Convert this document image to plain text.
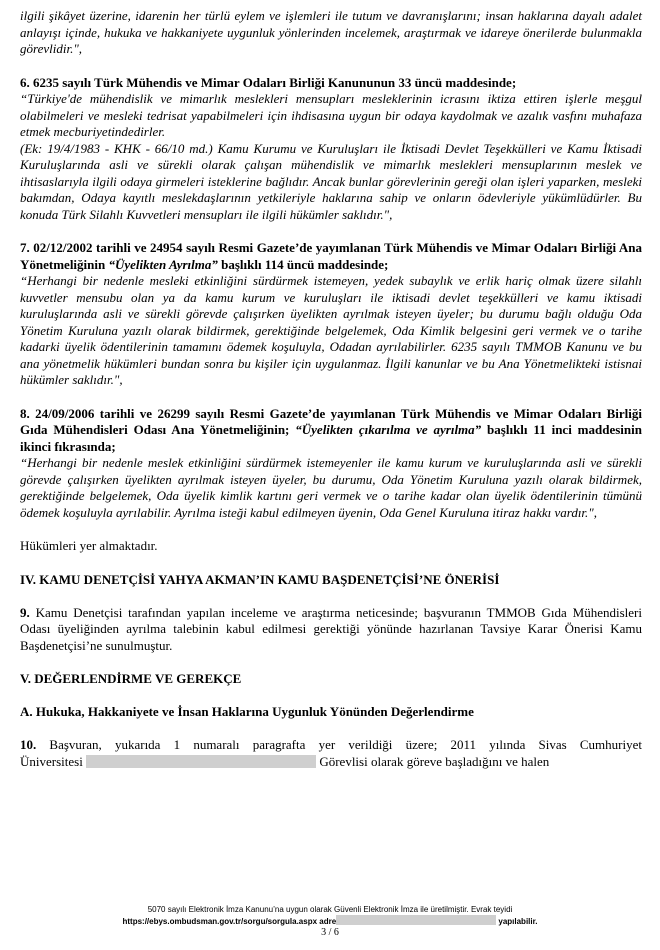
ilgili şikâyet üzerine, idarenin her türlü eylem ve işlemleri ile tutum ve davranışlarını; insan haklarına dayalı adalet anlayışı içinde, hukuka ve hakkaniyete uygunluk yönlerinden incelemek, araştırmak ve idareye önerilerde bulunmakla görevlidir.",

6. 6235 sayılı Türk Mühendis ve Mimar Odaları Birliği Kanununun 33 üncü maddesinde;

“Türkiye'de mühendislik ve mimarlık meslekleri mensupları mesleklerinin icrasını iktiza ettiren işlerle meşgul olabilmeleri ve mesleki tedrisat yapabilmeleri için ihdisasına uygun bir odaya kaydolmak ve azalık vasfını muhafaza etmek mecburiyetindedirler.

(Ek: 19/4/1983 - KHK - 66/10 md.) Kamu Kurumu ve Kuruluşları ile İktisadi Devlet Teşekkülleri ve Kamu İktisadi Kuruluşlarında asli ve sürekli olarak çalışan mühendislik ve mimarlık meslekleri mensuplarının meslek ve ihtisaslarıyla ilgili odaya girmeleri isteklerine bağlıdır. Ancak bunlar görevlerinin gereği olan işleri yaparken, mesleki bakımdan, Odaya kayıtlı meslekdaşlarının yetkileriyle haklarına sahip ve onların ödevleriyle yükümlüdürler. Bu konuda Türk Silahlı Kuvvetleri mensupları ile ilgili hükümler saklıdır.",

7. 02/12/2002 tarihli ve 24954 sayılı Resmi Gazete’de yayımlanan Türk Mühendis ve Mimar Odaları Birliği Ana Yönetmeliğinin “Üyelikten Ayrılma” başlıklı 114 üncü maddesinde;

“Herhangi bir nedenle mesleki etkinliğini sürdürmek istemeyen, yedek subaylık ve erlik hariç olmak üzere silahlı kuvvetler mensubu olan ya da kamu kurum ve kuruluşları ile iktisadi devlet teşekkülleri ve kamu iktisadi kuruluşlarında asli ve sürekli görevde çalışırken üyelikten ayrılmak isteyen üyeler; bu durumu bağlı olduğu Oda Yönetim Kuruluna yazılı olarak bildirmek, gerektiğinde belgelemek, Oda Kimlik belgesini geri vermek ve o tarihe kadarki üyelik ödentilerinin tamamını ödemek koşuluyla, Odadan ayrılabilirler. 6235 sayılı TMMOB Kanunu ve bu ana yönetmelik hükümleri bundan sonra bu kişiler için uygulanmaz. İlgili kanunlar ve bu Ana Yönetmelikteki istisnai hükümler saklıdır.",

8. 24/09/2006 tarihli ve 26299 sayılı Resmi Gazete’de yayımlanan Türk Mühendis ve Mimar Odaları Birliği Gıda Mühendisleri Odası Ana Yönetmeliğinin; “Üyelikten çıkarılma ve ayrılma” başlıklı 11 inci maddesinin ikinci fıkrasında;

“Herhangi bir nedenle meslek etkinliğini sürdürmek istemeyenler ile kamu kurum ve kuruluşlarında asli ve sürekli görevde çalışırken üyelikten ayrılmak isteyen üyeler, bu durumu, Oda Yönetim Kuruluna yazılı olarak bildirmek, gerektiğinde belgelemek, Oda üyelik kimlik kartını geri vermek ve o tarihe kadar olan üyelik ödentilerinin tümünü ödemek koşuluyla ayrılabilir. Ayrılma isteği kabul edilmeyen üyenin, Oda Genel Kuruluna itiraz hakkı vardır.",

Hükümleri yer almaktadır.

IV. KAMU DENETÇİSİ YAHYA AKMAN’IN KAMU BAŞDENETÇİSİ’NE ÖNERİSİ

9. Kamu Denetçisi tarafından yapılan inceleme ve araştırma neticesinde; başvuranın TMMOB Gıda Mühendisleri Odası üyeliğinden ayrılma talebinin kabul edilmesi gerektiği yönünde hazırlanan Tavsiye Karar Önerisi Kamu Başdenetçisi’ne sunulmuştur.

V. DEĞERLENDİRME VE GEREKÇE

A. Hukuka, Hakkaniyete ve İnsan Haklarına Uygunluk Yönünden Değerlendirme

10. Başvuran, yukarıda 1 numaralı paragrafta yer verildiği üzere; 2011 yılında Sivas Cumhuriyet

Üniversitesi	Görevlisi olarak göreve başladığını ve halen

5070 sayılı Elektronik İmza Kanunu’na uygun olarak Güvenli Elektronik İmza ile üretilmiştir. Evrak teyidi
https://ebys.ombudsman.gov.tr/sorgu/sorgula.aspx adre	yapılabilir.
3 / 6
